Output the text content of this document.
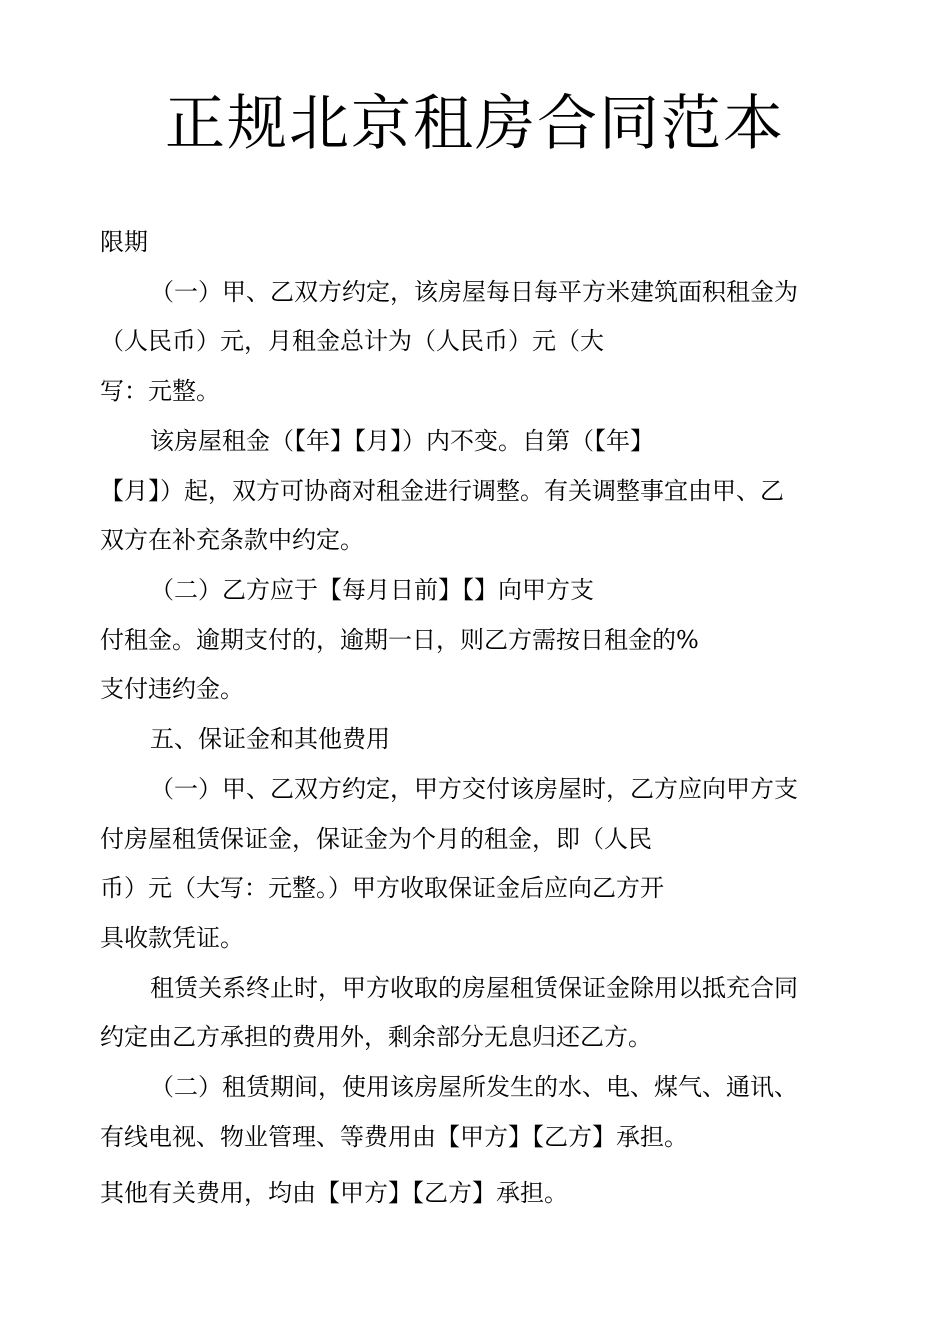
正规北京租房合同范本
限期
（一）甲、乙双方约定，该房屋每日每平方米建筑面积租金为
（人民币）元，月租金总计为（人民币）元（大
写：元整。
该房屋租金（【年】【月】）内不变。自第（【年】
【月】）起，双方可协商对租金进行调整。有关调整事宜由甲、乙
双方在补充条款中约定。
（二）乙方应于【每月日前】【】向甲方支
付租金。逾期支付的，逾期一日，则乙方需按日租金的%
支付违约金。
五、保证金和其他费用
（一）甲、乙双方约定，甲方交付该房屋时，乙方应向甲方支
付房屋租赁保证金，保证金为个月的租金，即（人民
币）元（大写：元整。）甲方收取保证金后应向乙方开
具收款凭证。
租赁关系终止时，甲方收取的房屋租赁保证金除用以抵充合同
约定由乙方承担的费用外，剩余部分无息归还乙方。
（二）租赁期间，使用该房屋所发生的水、电、煤气、通讯、
有线电视、物业管理、等费用由【甲方】【乙方】承担。
其他有关费用，均由【甲方】【乙方】承担。
